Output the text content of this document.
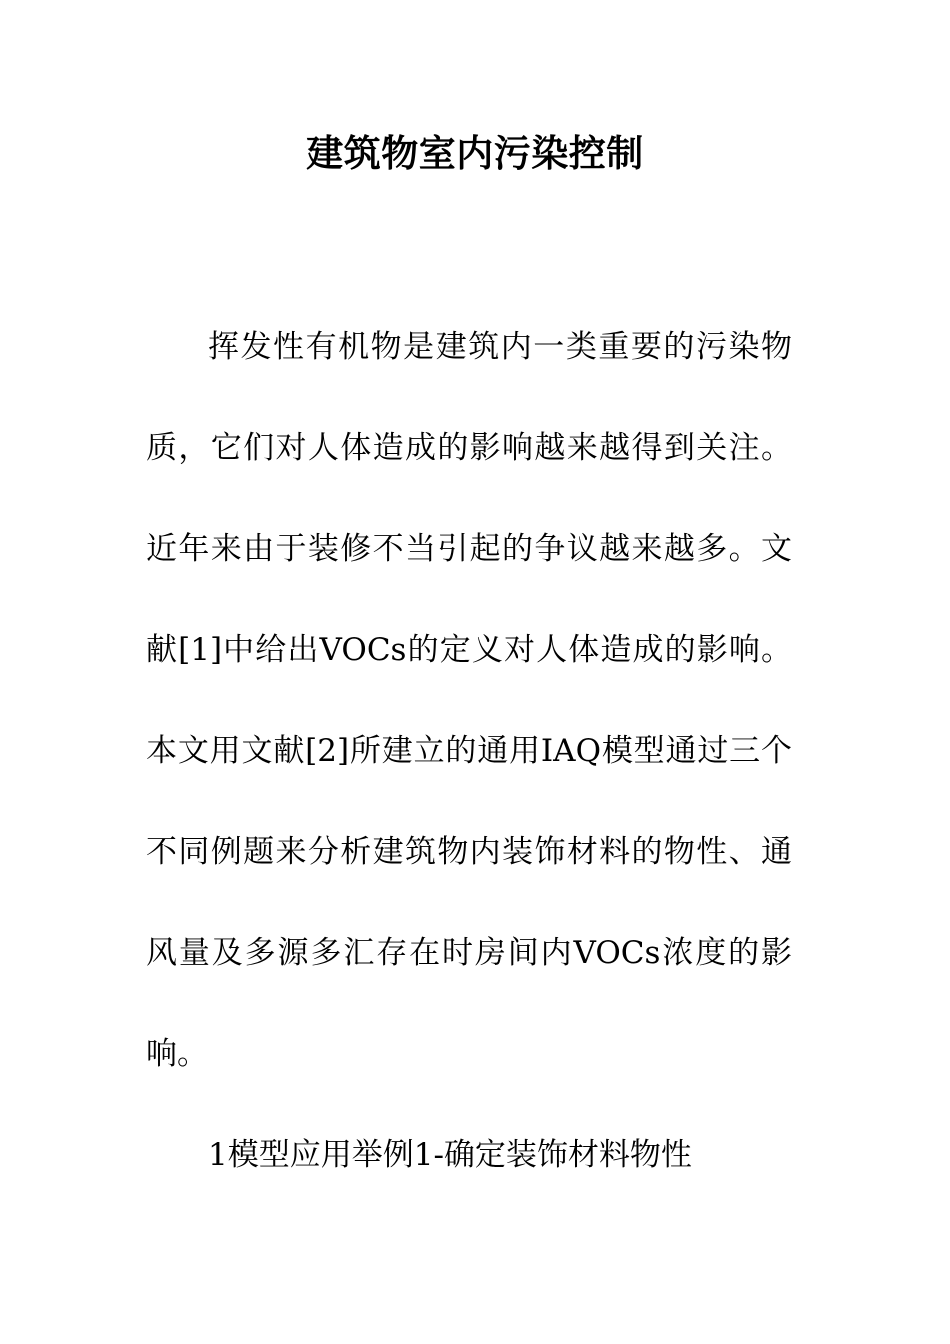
建筑物室内污染控制

挥发性有机物是建筑内一类重要的污染物质，它们对人体造成的影响越来越得到关注。近年来由于装修不当引起的争议越来越多。文献[1]中给出VOCs的定义对人体造成的影响。本文用文献[2]所建立的通用IAQ模型通过三个不同例题来分析建筑物内装饰材料的物性、通风量及多源多汇存在时房间内VOCs浓度的影响。

1模型应用举例1-确定装饰材料物性
